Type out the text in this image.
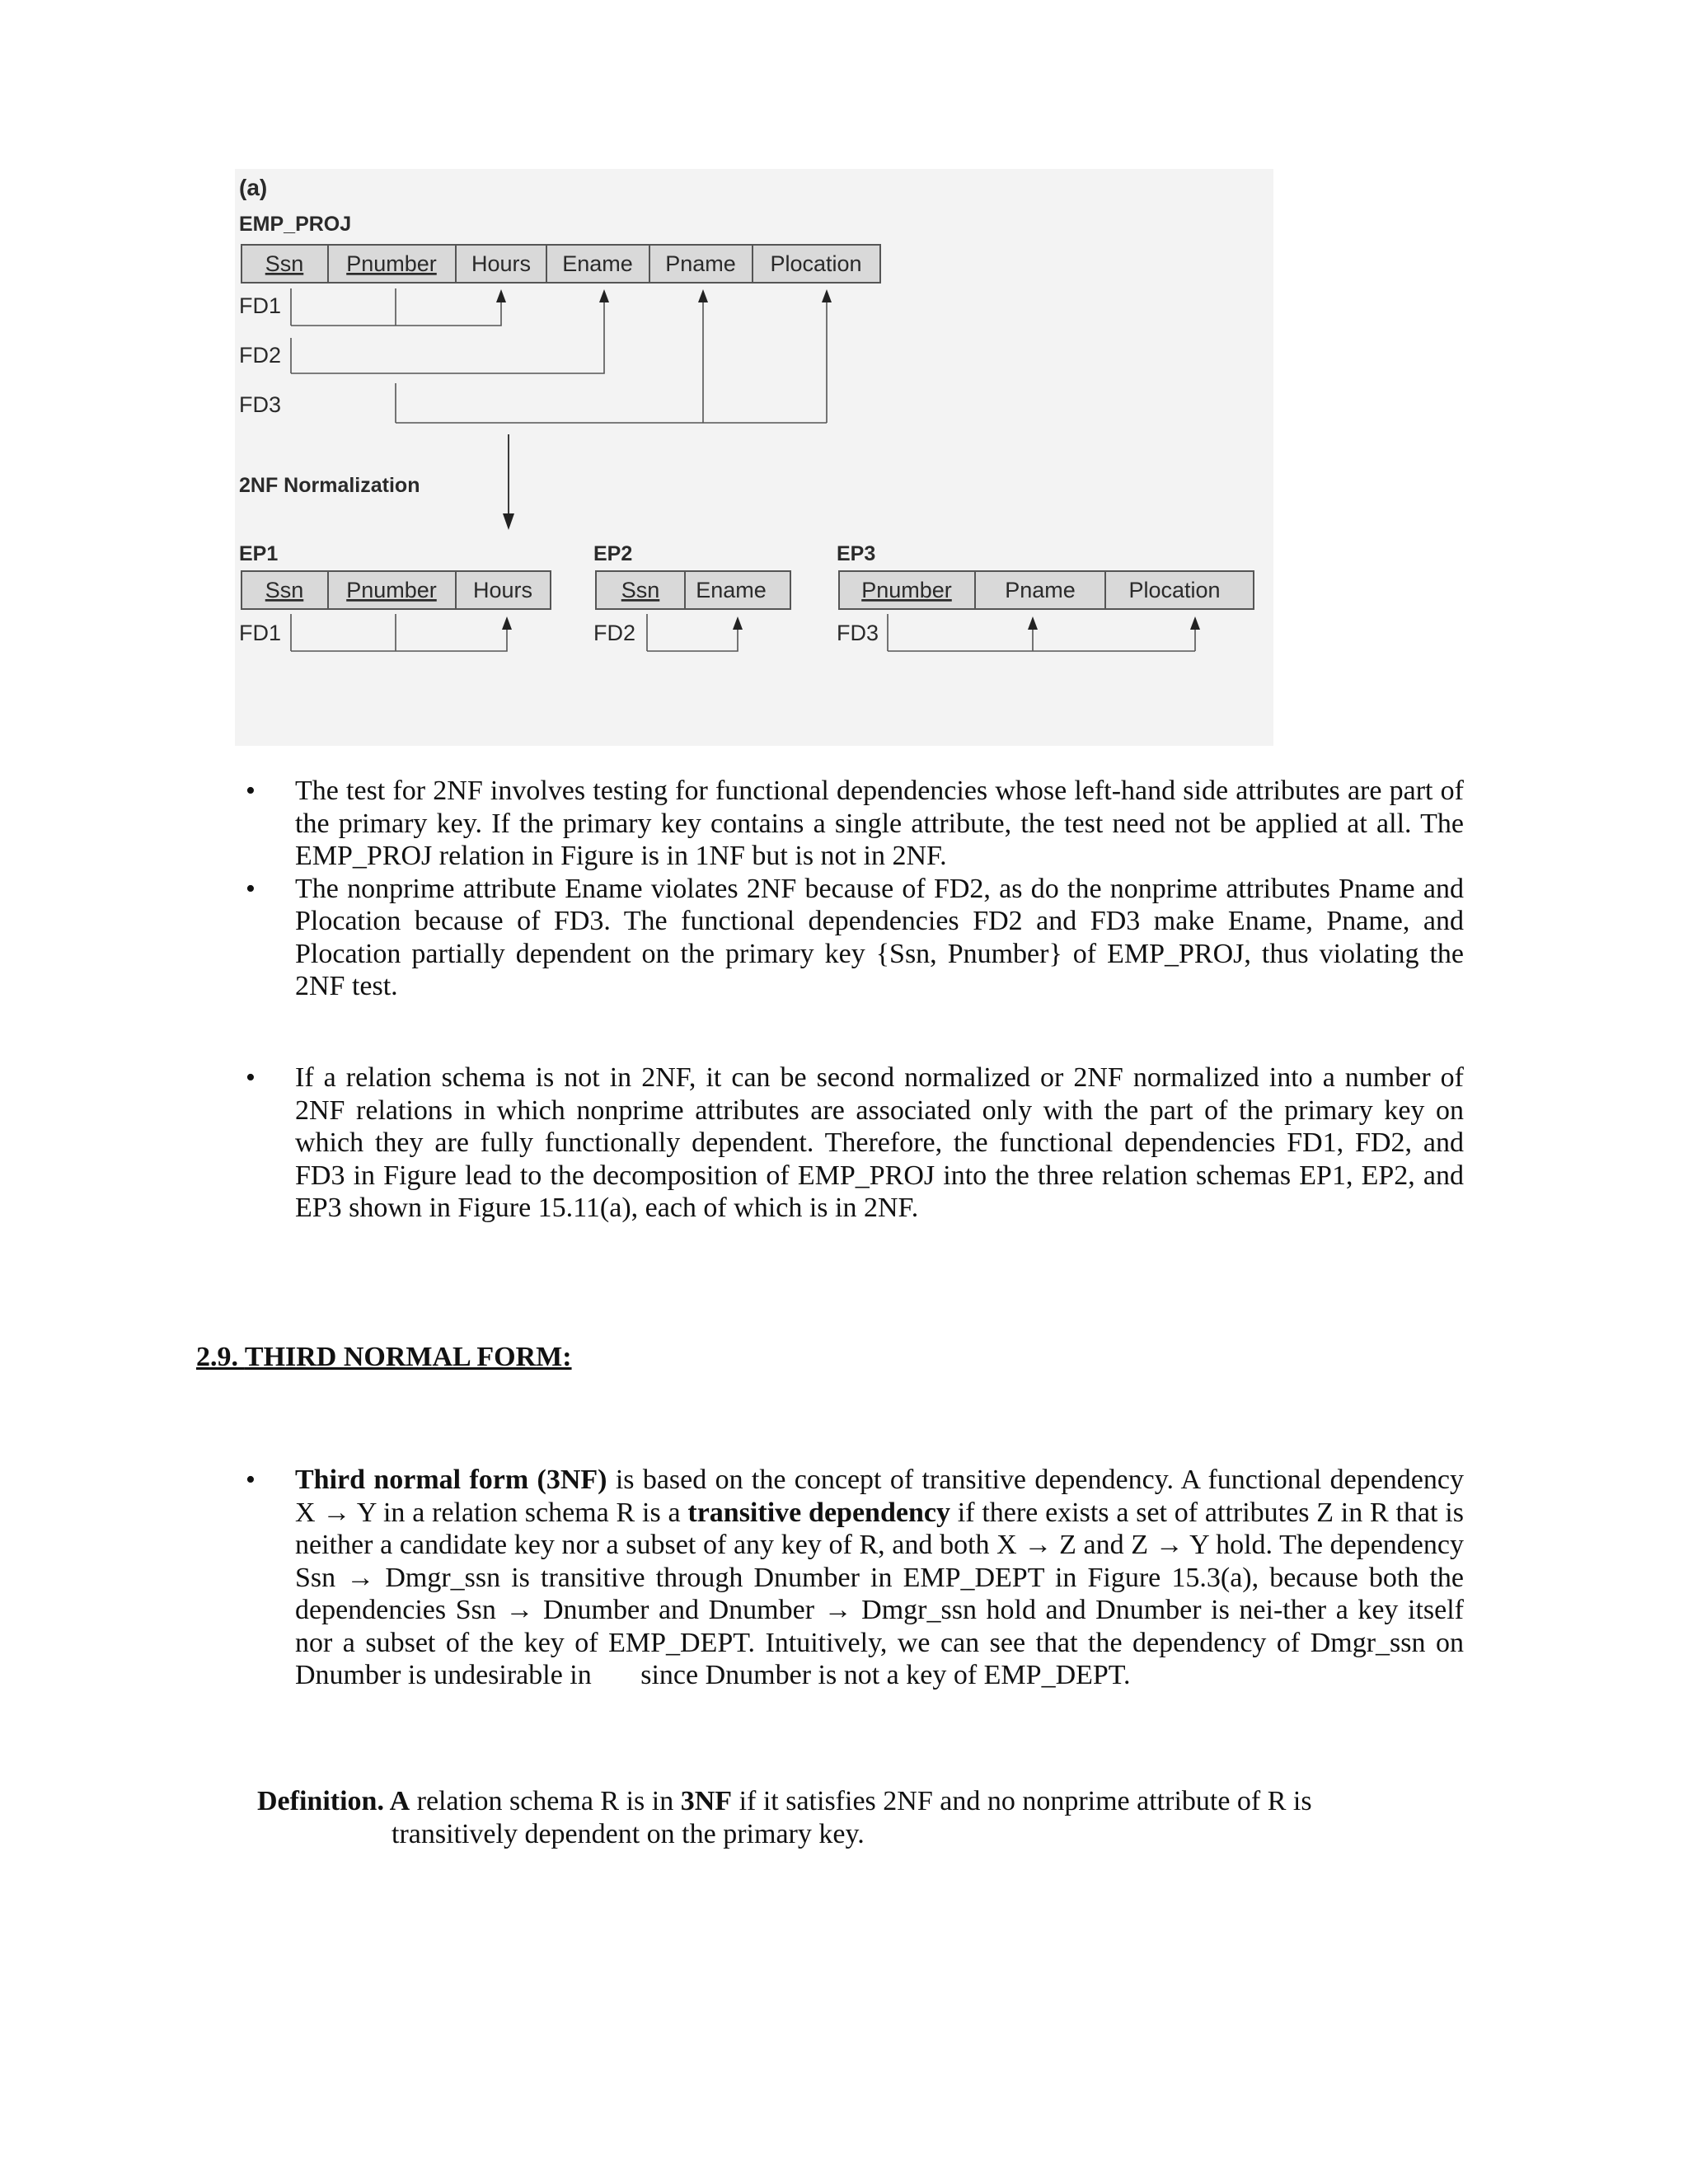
(a)
EMP_PROJ
Ssn Pnumber Hours Ename Pname Plocation
FD1
FD2
FD3
2NF Normalization
EP1
Ssn Pnumber Hours
FD1
EP2
Ssn Ename
FD2
EP3
Pnumber Pname Plocation
FD3
• The test for 2NF involves testing for functional dependencies whose left-hand side attributes are part of the primary key. If the primary key contains a single attribute, the test need not be applied at all. The EMP_PROJ relation in Figure is in 1NF but is not in 2NF.
• The nonprime attribute Ename violates 2NF because of FD2, as do the nonprime attributes Pname and Plocation because of FD3. The functional dependencies FD2 and FD3 make Ename, Pname, and Plocation partially dependent on the primary key {Ssn, Pnumber} of EMP_PROJ, thus violating the 2NF test.
• If a relation schema is not in 2NF, it can be second normalized or 2NF normalized into a number of 2NF relations in which nonprime attributes are associated only with the part of the primary key on which they are fully functionally dependent. Therefore, the functional dependencies FD1, FD2, and FD3 in Figure lead to the decomposition of EMP_PROJ into the three relation schemas EP1, EP2, and EP3 shown in Figure 15.11(a), each of which is in 2NF.
2.9. THIRD NORMAL FORM:
• Third normal form (3NF) is based on the concept of transitive dependency. A functional dependency X → Y in a relation schema R is a transitive dependency if there exists a set of attributes Z in R that is neither a candidate key nor a subset of any key of R, and both X → Z and Z → Y hold. The dependency Ssn → Dmgr_ssn is transitive through Dnumber in EMP_DEPT in Figure 15.3(a), because both the dependencies Ssn → Dnumber and Dnumber → Dmgr_ssn hold and Dnumber is nei-ther a key itself nor a subset of the key of EMP_DEPT. Intuitively, we can see that the dependency of Dmgr_ssn on Dnumber is undesirable in       since Dnumber is not a key of EMP_DEPT.
Definition. A relation schema R is in 3NF if it satisfies 2NF and no nonprime attribute of R is
transitively dependent on the primary key.
